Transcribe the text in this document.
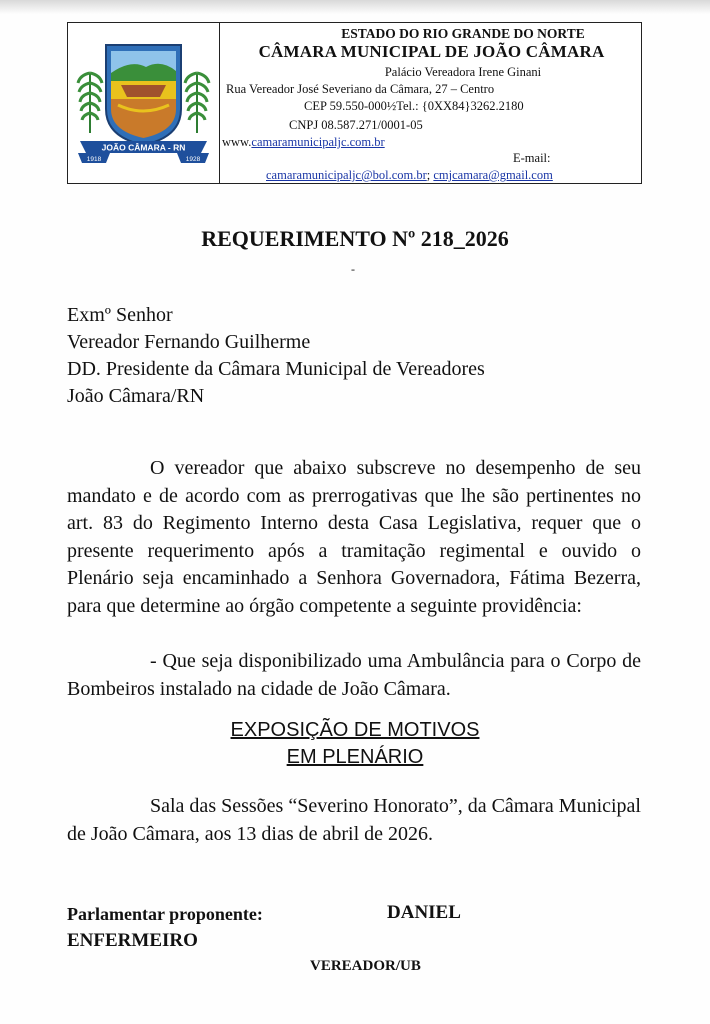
JOÃO CÂMARA - RN
1918	1928
ESTADO DO RIO GRANDE DO NORTE
CÂMARA MUNICIPAL DE JOÃO CÂMARA
Palácio Vereadora Irene Ginani
Rua Vereador José Severiano da Câmara, 27 – Centro
CEP 59.550-000½Tel.: {0XX84}3262.2180
CNPJ 08.587.271/0001-05
www.camaramunicipaljc.com.br
E-mail:
camaramunicipaljc@bol.com.br; cmjcamara@gmail.com
REQUERIMENTO Nº 218_2026
-
Exmº Senhor
Vereador Fernando Guilherme
DD. Presidente da Câmara Municipal de Vereadores
João Câmara/RN

O vereador que abaixo subscreve no desempenho de seu mandato e de acordo com as prerrogativas que lhe são pertinentes no art. 83 do Regimento Interno desta Casa Legislativa, requer que o presente requerimento após a tramitação regimental e ouvido o Plenário seja encaminhado a Senhora Governadora, Fátima Bezerra, para que determine ao órgão competente a seguinte providência:

- Que seja disponibilizado uma Ambulância para o Corpo de Bombeiros instalado na cidade de João Câmara.

EXPOSIÇÃO DE MOTIVOS
EM PLENÁRIO

Sala das Sessões “Severino Honorato”, da Câmara Municipal de João Câmara, aos 13 dias de abril de 2026.

Parlamentar proponente:	DANIEL
ENFERMEIRO
VEREADOR/UB
